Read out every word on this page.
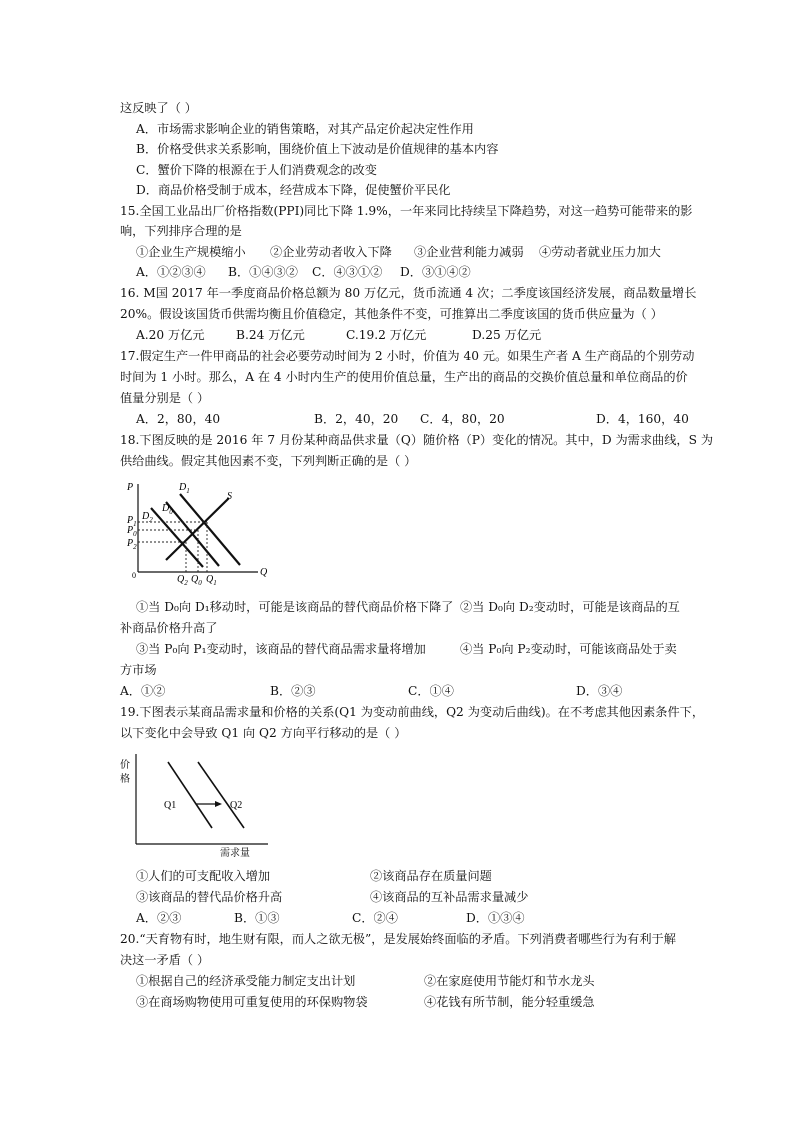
这反映了（ ）
A．市场需求影响企业的销售策略，对其产品定价起决定性作用
B．价格受供求关系影响，围绕价值上下波动是价值规律的基本内容
C．蟹价下降的根源在于人们消费观念的改变
D．商品价格受制于成本，经营成本下降，促使蟹价平民化
15.全国工业品出厂价格指数(PPI)同比下降 1.9%，一年来同比持续呈下降趋势，对这一趋势可能带来的影
响，下列排序合理的是
①企业生产规模缩小 ②企业劳动者收入下降 ③企业营利能力减弱 ④劳动者就业压力加大
A．①②③④ B．①④③② C．④③①② D．③①④②
16. M国 2017 年一季度商品价格总额为 80 万亿元，货币流通 4 次；二季度该国经济发展，商品数量增长
20%。假设该国货币供需均衡且价值稳定，其他条件不变，可推算出二季度该国的货币供应量为（ ）
A.20 万亿元	B.24 万亿元	C.19.2 万亿元	D.25 万亿元
17.假定生产一件甲商品的社会必要劳动时间为 2 小时，价值为 40 元。如果生产者 A 生产商品的个别劳动
时间为 1 小时。那么，A 在 4 小时内生产的使用价值总量，生产出的商品的交换价值总量和单位商品的价
值量分别是（ ）
A．2，80，40	B．2，40，20 C．4，80，20	D．4，160，40
18.下图反映的是 2016 年 7 月份某种商品供求量（Q）随价格（P）变化的情况。其中，D 为需求曲线，S 为
供给曲线。假定其他因素不变，下列判断正确的是（ ）
P
Q
0
$D_1$
$D_0$
$D_2$
S
$P_1$
$P_0$
$P_2$
$Q_2$ $Q_0$ $Q_1$
①当 D₀向 D₁移动时，可能是该商品的替代商品价格下降了 ②当 D₀向 D₂变动时，可能是该商品的互
补商品价格升高了
③当 P₀向 P₁变动时，该商品的替代商品需求量将增加	④当 P₀向 P₂变动时，可能该商品处于卖
方市场
A．①②	B．②③	C．①④	D．③④
19.下图表示某商品需求量和价格的关系(Q1 为变动前曲线，Q2 为变动后曲线)。在不考虑其他因素条件下，
以下变化中会导致 Q1 向 Q2 方向平行移动的是（ ）
价
格
需求量
Q1	Q2
①人们的可支配收入增加	②该商品存在质量问题
③该商品的替代品价格升高	④该商品的互补品需求量减少
A．②③	B．①③	C．②④	D．①③④
20.“天育物有时，地生财有限，而人之欲无极”，是发展始终面临的矛盾。下列消费者哪些行为有利于解
决这一矛盾（ ）
①根据自己的经济承受能力制定支出计划	②在家庭使用节能灯和节水龙头
③在商场购物使用可重复使用的环保购物袋	④花钱有所节制，能分轻重缓急
